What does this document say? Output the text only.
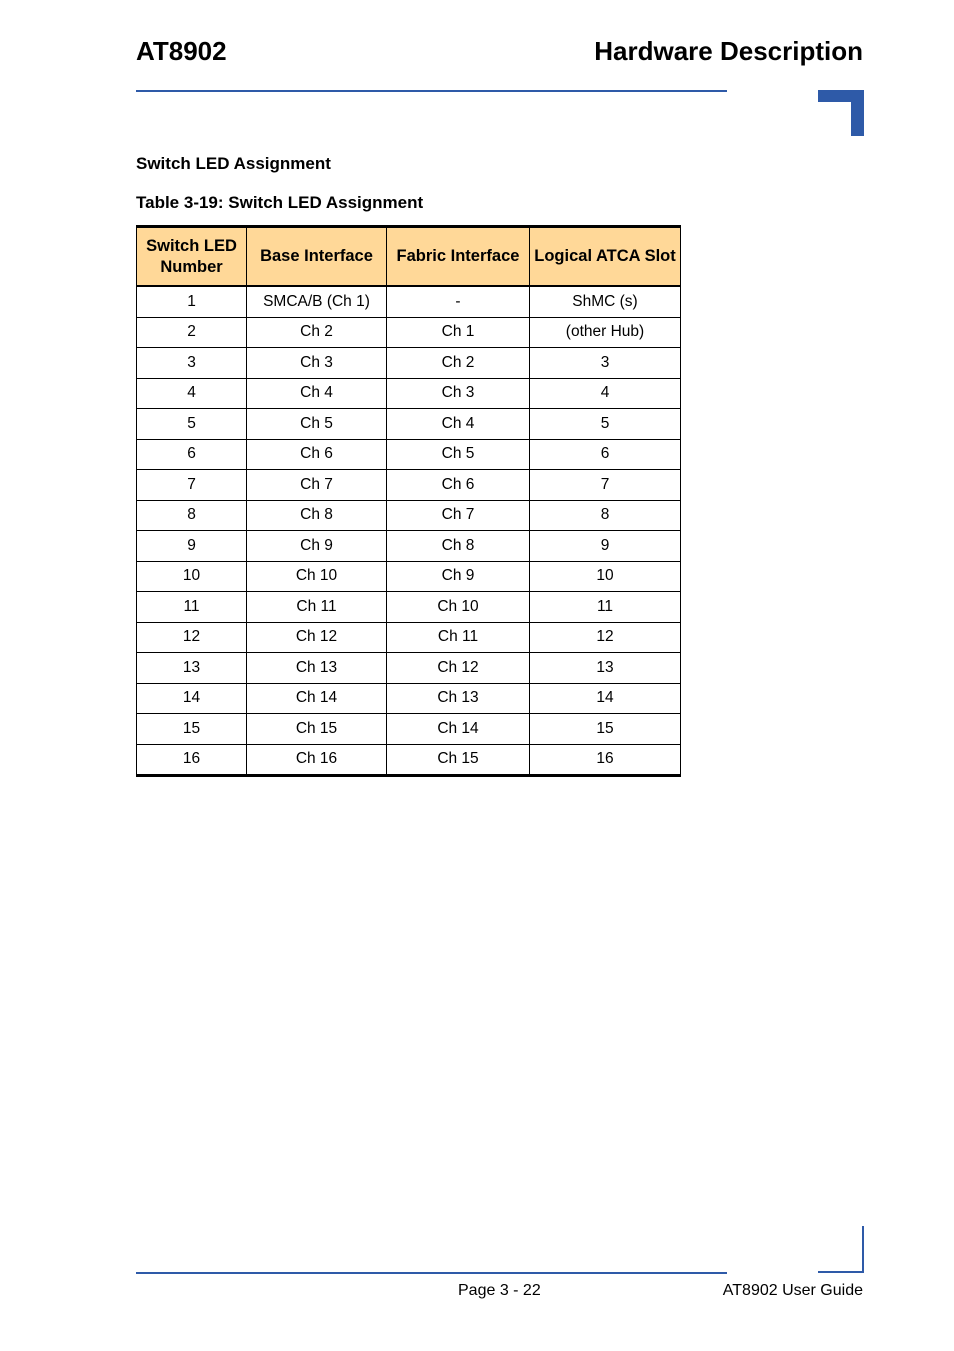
AT8902	Hardware Description
Switch LED Assignment
Table 3-19: Switch LED Assignment
Switch LED Number	Base Interface	Fabric Interface	Logical ATCA Slot
1	SMCA/B (Ch 1)	-	ShMC (s)
2	Ch 2	Ch 1	(other Hub)
3	Ch 3	Ch 2	3
4	Ch 4	Ch 3	4
5	Ch 5	Ch 4	5
6	Ch 6	Ch 5	6
7	Ch 7	Ch 6	7
8	Ch 8	Ch 7	8
9	Ch 9	Ch 8	9
10	Ch 10	Ch 9	10
11	Ch 11	Ch 10	11
12	Ch 12	Ch 11	12
13	Ch 13	Ch 12	13
14	Ch 14	Ch 13	14
15	Ch 15	Ch 14	15
16	Ch 16	Ch 15	16
Page 3 - 22	AT8902 User Guide
